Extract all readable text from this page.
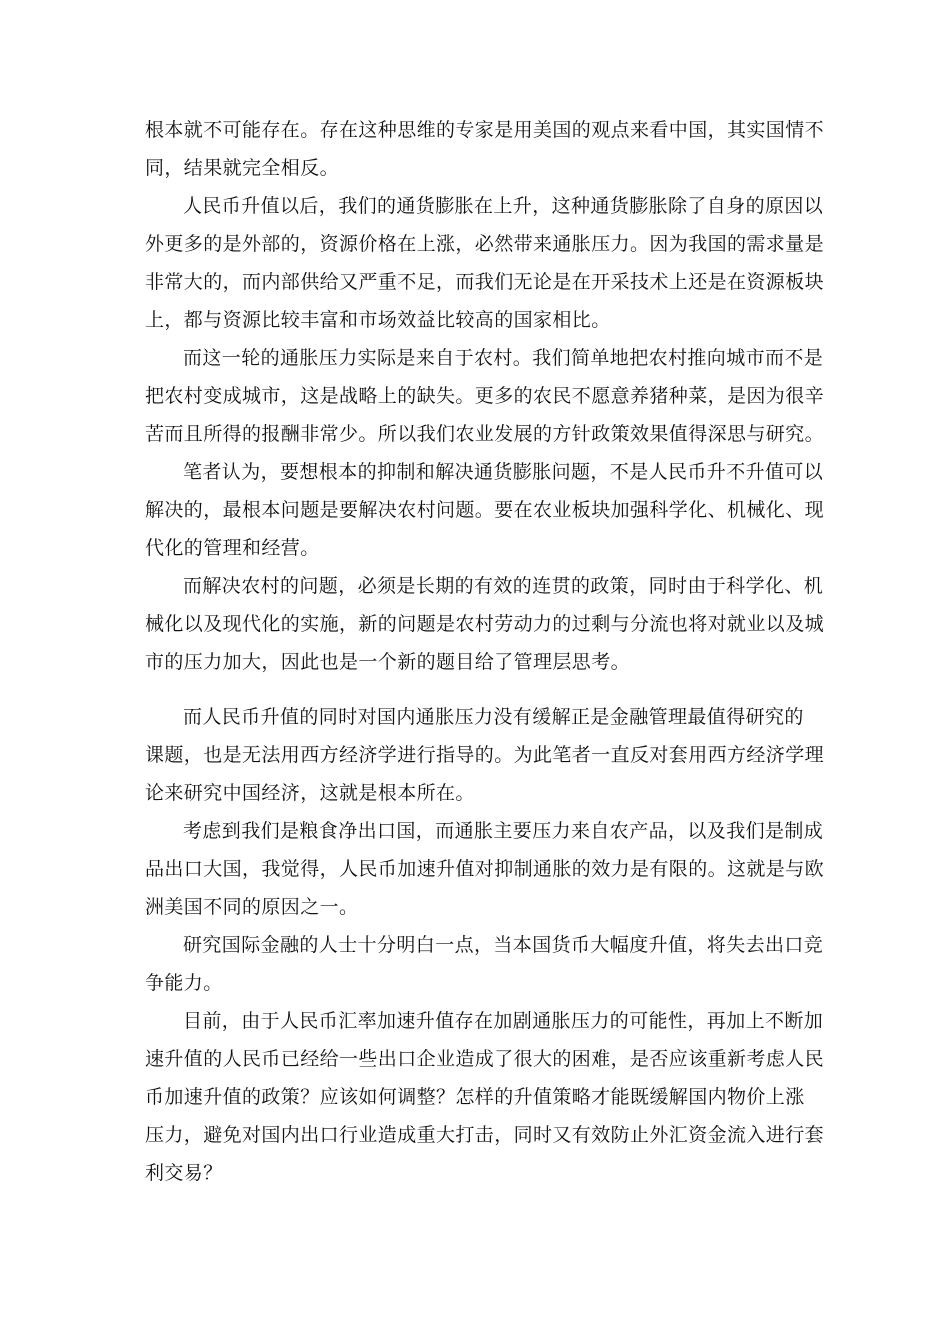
根本就不可能存在。存在这种思维的专家是用美国的观点来看中国，其实国情不
同，结果就完全相反。
人民币升值以后，我们的通货膨胀在上升，这种通货膨胀除了自身的原因以
外更多的是外部的，资源价格在上涨，必然带来通胀压力。因为我国的需求量是
非常大的，而内部供给又严重不足，而我们无论是在开采技术上还是在资源板块
上，都与资源比较丰富和市场效益比较高的国家相比。
而这一轮的通胀压力实际是来自于农村。我们简单地把农村推向城市而不是
把农村变成城市，这是战略上的缺失。更多的农民不愿意养猪种菜，是因为很辛
苦而且所得的报酬非常少。所以我们农业发展的方针政策效果值得深思与研究。
笔者认为，要想根本的抑制和解决通货膨胀问题，不是人民币升不升值可以
解决的，最根本问题是要解决农村问题。要在农业板块加强科学化、机械化、现
代化的管理和经营。
而解决农村的问题，必须是长期的有效的连贯的政策，同时由于科学化、机
械化以及现代化的实施，新的问题是农村劳动力的过剩与分流也将对就业以及城
市的压力加大，因此也是一个新的题目给了管理层思考。
而人民币升值的同时对国内通胀压力没有缓解正是金融管理最值得研究的
课题，也是无法用西方经济学进行指导的。为此笔者一直反对套用西方经济学理
论来研究中国经济，这就是根本所在。
考虑到我们是粮食净出口国，而通胀主要压力来自农产品，以及我们是制成
品出口大国，我觉得，人民币加速升值对抑制通胀的效力是有限的。这就是与欧
洲美国不同的原因之一。
研究国际金融的人士十分明白一点，当本国货币大幅度升值，将失去出口竞
争能力。
目前，由于人民币汇率加速升值存在加剧通胀压力的可能性，再加上不断加
速升值的人民币已经给一些出口企业造成了很大的困难，是否应该重新考虑人民
币加速升值的政策？应该如何调整？怎样的升值策略才能既缓解国内物价上涨
压力，避免对国内出口行业造成重大打击，同时又有效防止外汇资金流入进行套
利交易？
